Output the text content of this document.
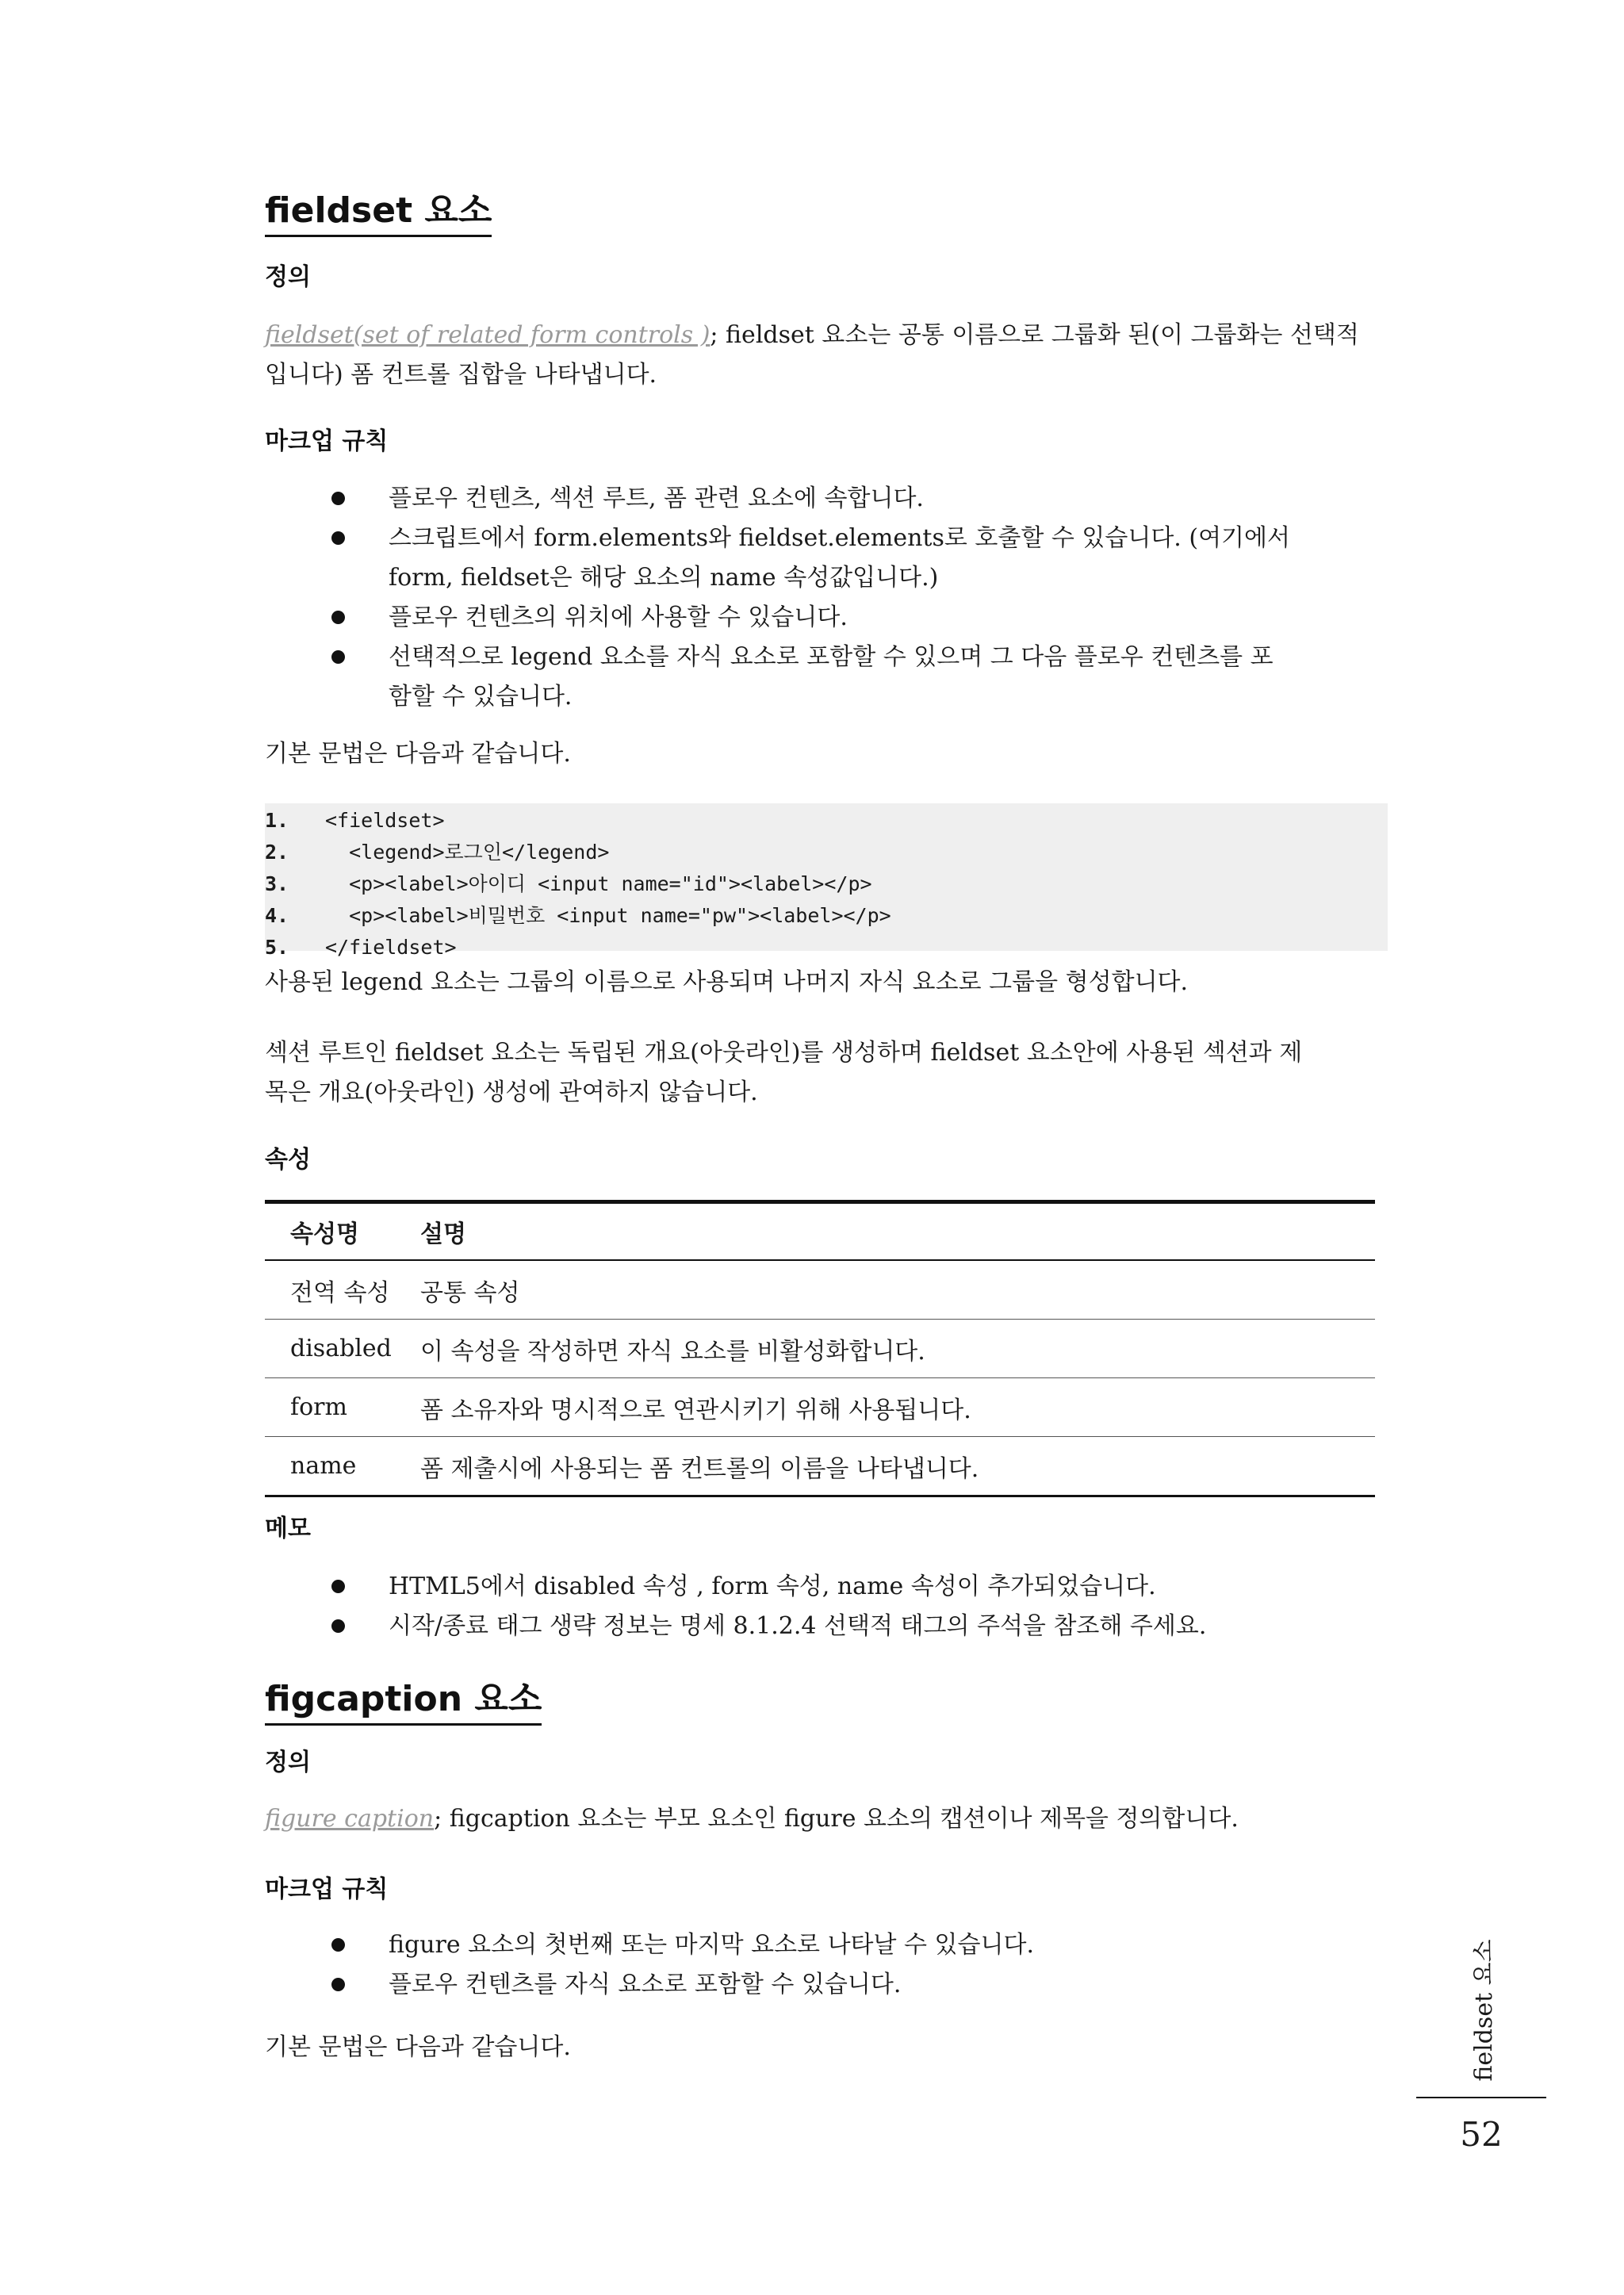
fieldset 요소
정의
fieldset(set of related form controls ); fieldset 요소는 공통 이름으로 그룹화 된(이 그룹화는 선택적
입니다) 폼 컨트롤 집합을 나타냅니다.
마크업 규칙
플로우 컨텐츠, 섹션 루트, 폼 관련 요소에 속합니다.
스크립트에서 form.elements와 fieldset.elements로 호출할 수 있습니다. (여기에서
form, fieldset은 해당 요소의 name 속성값입니다.)
플로우 컨텐츠의 위치에 사용할 수 있습니다.
선택적으로 legend 요소를 자식 요소로 포함할 수 있으며 그 다음 플로우 컨텐츠를 포
함할 수 있습니다.
기본 문법은 다음과 같습니다.
1. <fieldset>
2.  <legend>로그인</legend>
3.  <p><label>아이디 <input name="id"><label></p>
4.  <p><label>비밀번호 <input name="pw"><label></p>
5. </fieldset>
사용된 legend 요소는 그룹의 이름으로 사용되며 나머지 자식 요소로 그룹을 형성합니다.
섹션 루트인 fieldset 요소는 독립된 개요(아웃라인)를 생성하며 fieldset 요소안에 사용된 섹션과 제
목은 개요(아웃라인) 생성에 관여하지 않습니다.
속성
속성명	설명
전역 속성	공통 속성
disabled	이 속성을 작성하면 자식 요소를 비활성화합니다.
form	폼 소유자와 명시적으로 연관시키기 위해 사용됩니다.
name	폼 제출시에 사용되는 폼 컨트롤의 이름을 나타냅니다.
메모
HTML5에서 disabled 속성 , form 속성, name 속성이 추가되었습니다.
시작/종료 태그 생략 정보는 명세 8.1.2.4 선택적 태그의 주석을 참조해 주세요.
figcaption 요소
정의
figure caption; figcaption 요소는 부모 요소인 figure 요소의 캡션이나 제목을 정의합니다.
마크업 규칙
figure 요소의 첫번째 또는 마지막 요소로 나타날 수 있습니다.
플로우 컨텐츠를 자식 요소로 포함할 수 있습니다.
기본 문법은 다음과 같습니다.	fieldset 요소
52
